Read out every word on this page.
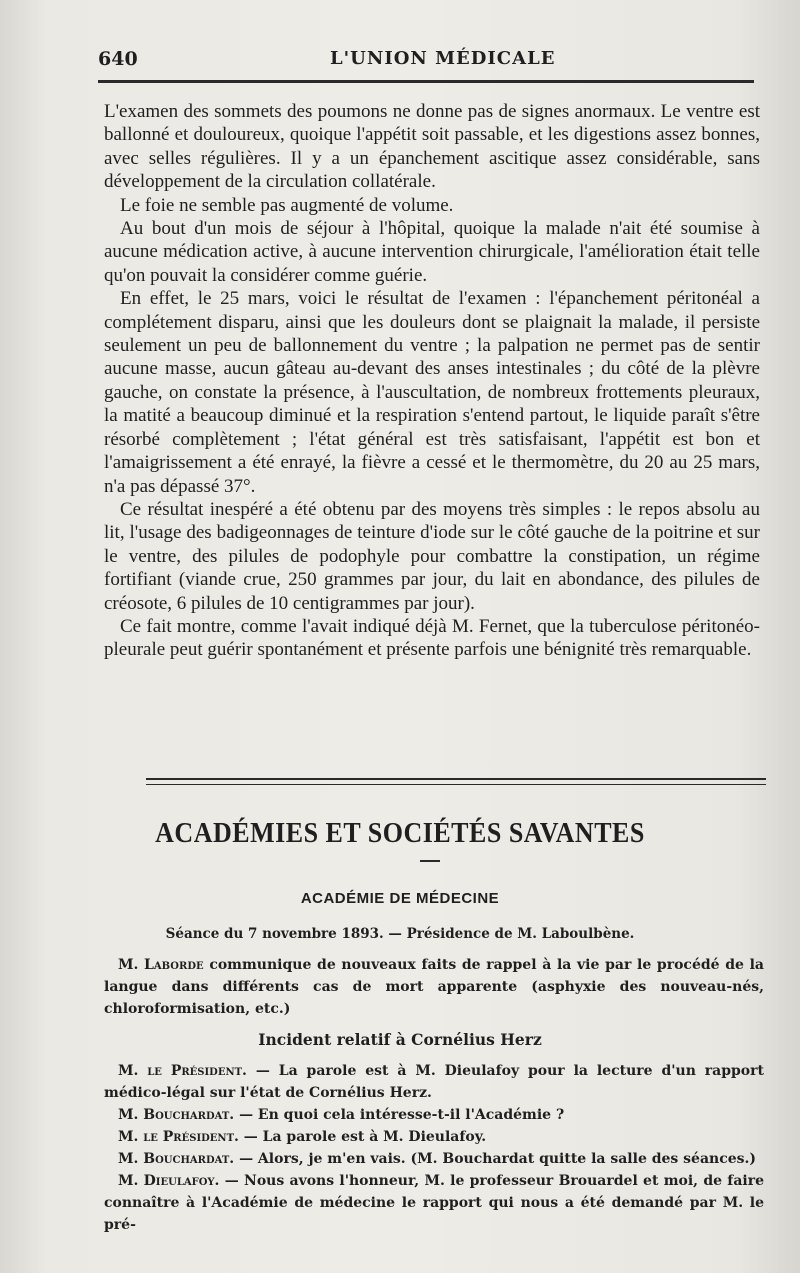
640	L'UNION MÉDICALE

L'examen des sommets des poumons ne donne pas de signes anormaux. Le ventre est ballonné et douloureux, quoique l'appétit soit passable, et les digestions assez bonnes, avec selles régulières. Il y a un épanchement ascitique assez considérable, sans développement de la circulation collatérale.

Le foie ne semble pas augmenté de volume.

Au bout d'un mois de séjour à l'hôpital, quoique la malade n'ait été soumise à aucune médication active, à aucune intervention chirurgicale, l'amélioration était telle qu'on pouvait la considérer comme guérie.

En effet, le 25 mars, voici le résultat de l'examen : l'épanchement péritonéal a complétement disparu, ainsi que les douleurs dont se plaignait la malade, il persiste seulement un peu de ballonnement du ventre ; la palpation ne permet pas de sentir aucune masse, aucun gâteau au-devant des anses intestinales ; du côté de la plèvre gauche, on constate la présence, à l'auscultation, de nombreux frottements pleuraux, la matité a beaucoup diminué et la respiration s'entend partout, le liquide paraît s'être résorbé complètement ; l'état général est très satisfaisant, l'appétit est bon et l'amaigrissement a été enrayé, la fièvre a cessé et le thermomètre, du 20 au 25 mars, n'a pas dépassé 37°.

Ce résultat inespéré a été obtenu par des moyens très simples : le repos absolu au lit, l'usage des badigeonnages de teinture d'iode sur le côté gauche de la poitrine et sur le ventre, des pilules de podophyle pour combattre la constipation, un régime fortifiant (viande crue, 250 grammes par jour, du lait en abondance, des pilules de créosote, 6 pilules de 10 centigrammes par jour).

Ce fait montre, comme l'avait indiqué déjà M. Fernet, que la tuberculose péritonéo-pleurale peut guérir spontanément et présente parfois une bénignité très remarquable.

ACADÉMIES ET SOCIÉTÉS SAVANTES
ACADÉMIE DE MÉDECINE
Séance du 7 novembre 1893. — Présidence de M. Laboulbène.

M. Laborde communique de nouveaux faits de rappel à la vie par le procédé de la langue dans différents cas de mort apparente (asphyxie des nouveau-nés, chloroformisation, etc.)

Incident relatif à Cornélius Herz

M. le Président. — La parole est à M. Dieulafoy pour la lecture d'un rapport médico-légal sur l'état de Cornélius Herz.

M. Bouchardat. — En quoi cela intéresse-t-il l'Académie ?

M. le Président. — La parole est à M. Dieulafoy.

M. Bouchardat. — Alors, je m'en vais. (M. Bouchardat quitte la salle des séances.)

M. Dieulafoy. — Nous avons l'honneur, M. le professeur Brouardel et moi, de faire connaître à l'Académie de médecine le rapport qui nous a été demandé par M. le pré-
